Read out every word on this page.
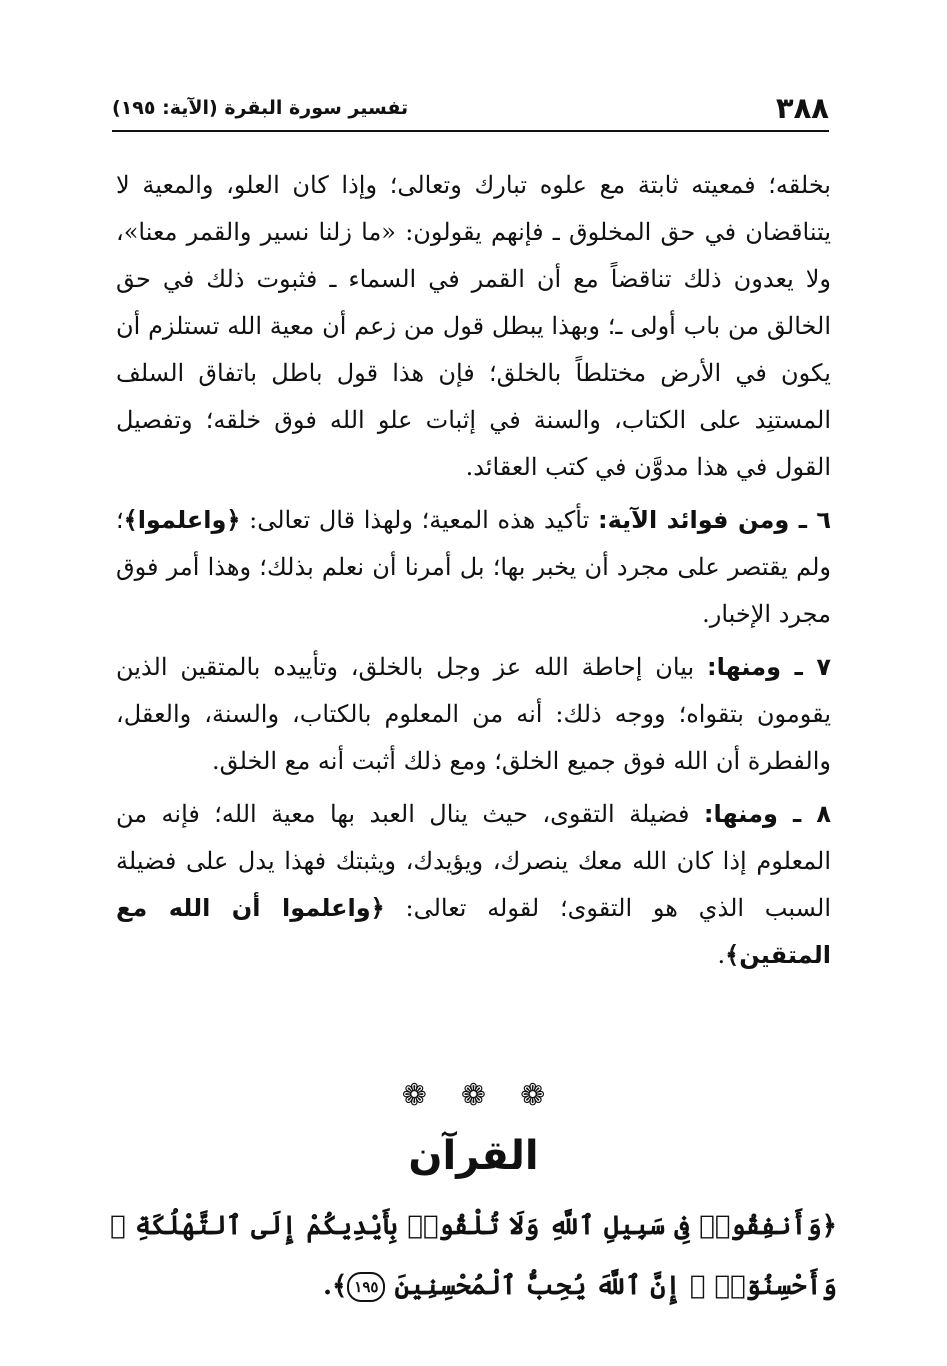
٣٨٨
تفسير سورة البقرة (الآية: ١٩٥)

بخلقه؛ فمعيته ثابتة مع علوه تبارك وتعالى؛ وإذا كان العلو، والمعية لا يتناقضان في حق المخلوق ـ فإنهم يقولون: «ما زلنا نسير والقمر معنا»، ولا يعدون ذلك تناقضاً مع أن القمر في السماء ـ فثبوت ذلك في حق الخالق من باب أولى ـ؛ وبهذا يبطل قول من زعم أن معية الله تستلزم أن يكون في الأرض مختلطاً بالخلق؛ فإن هذا قول باطل باتفاق السلف المستنِد على الكتاب، والسنة في إثبات علو الله فوق خلقه؛ وتفصيل القول في هذا مدوَّن في كتب العقائد.

٦ ـ ومن فوائد الآية: تأكيد هذه المعية؛ ولهذا قال تعالى: ﴿واعلموا﴾؛ ولم يقتصر على مجرد أن يخبر بها؛ بل أمرنا أن نعلم بذلك؛ وهذا أمر فوق مجرد الإخبار.

٧ ـ ومنها: بيان إحاطة الله عز وجل بالخلق، وتأييده بالمتقين الذين يقومون بتقواه؛ ووجه ذلك: أنه من المعلوم بالكتاب، والسنة، والعقل، والفطرة أن الله فوق جميع الخلق؛ ومع ذلك أثبت أنه مع الخلق.

٨ ـ ومنها: فضيلة التقوى، حيث ينال العبد بها معية الله؛ فإنه من المعلوم إذا كان الله معك ينصرك، ويؤيدك، ويثبتك فهذا يدل على فضيلة السبب الذي هو التقوى؛ لقوله تعالى: ﴿واعلموا أن الله مع المتقين﴾.

❁ ❁ ❁
القرآن
﴿وَأَنفِقُوا۟ فِى سَبِيلِ ٱللَّهِ وَلَا تُلْقُوا۟ بِأَيْدِيكُمْ إِلَى ٱلتَّهْلُكَةِ ۛ وَأَحْسِنُوٓا۟ ۛ إِنَّ ٱللَّهَ يُحِبُّ ٱلْمُحْسِنِينَ ١٩٥﴾.
